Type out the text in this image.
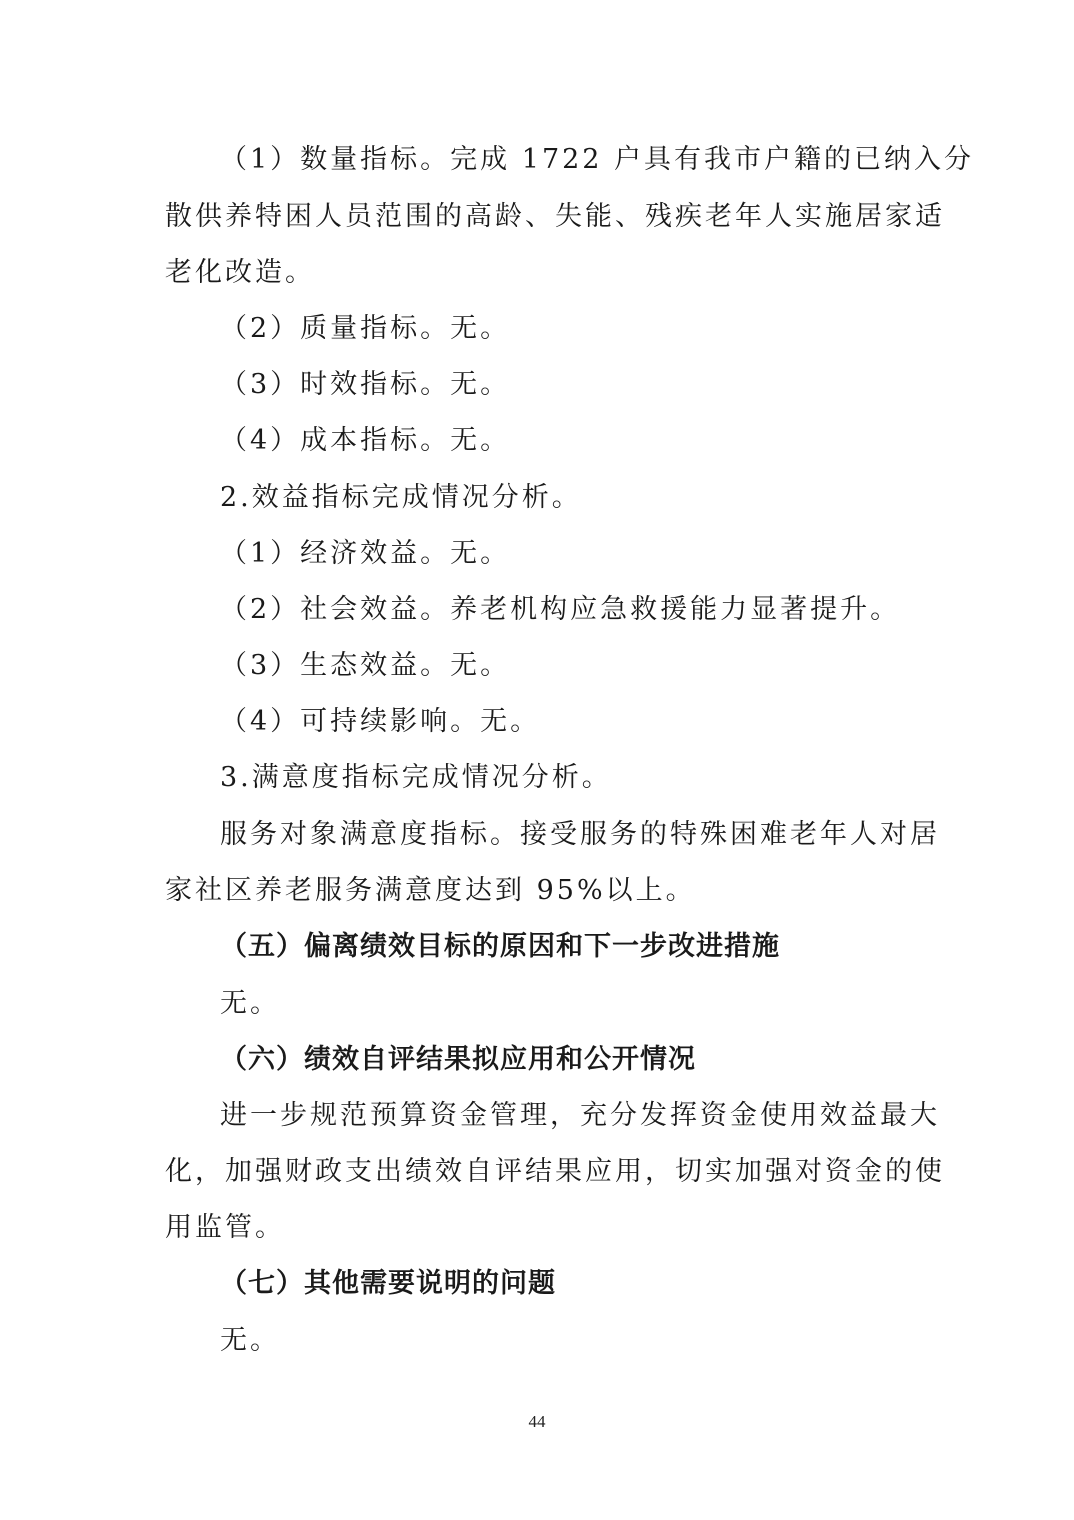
（1）数量指标。完成 1722 户具有我市户籍的已纳入分
散供养特困人员范围的高龄、失能、残疾老年人实施居家适
老化改造。
（2）质量指标。无。
（3）时效指标。无。
（4）成本指标。无。
2.效益指标完成情况分析。
（1）经济效益。无。
（2）社会效益。养老机构应急救援能力显著提升。
（3）生态效益。无。
（4）可持续影响。无。
3.满意度指标完成情况分析。
服务对象满意度指标。接受服务的特殊困难老年人对居
家社区养老服务满意度达到 95%以上。
（五）偏离绩效目标的原因和下一步改进措施
无。
（六）绩效自评结果拟应用和公开情况
进一步规范预算资金管理，充分发挥资金使用效益最大
化，加强财政支出绩效自评结果应用，切实加强对资金的使
用监管。
（七）其他需要说明的问题
无。
44
